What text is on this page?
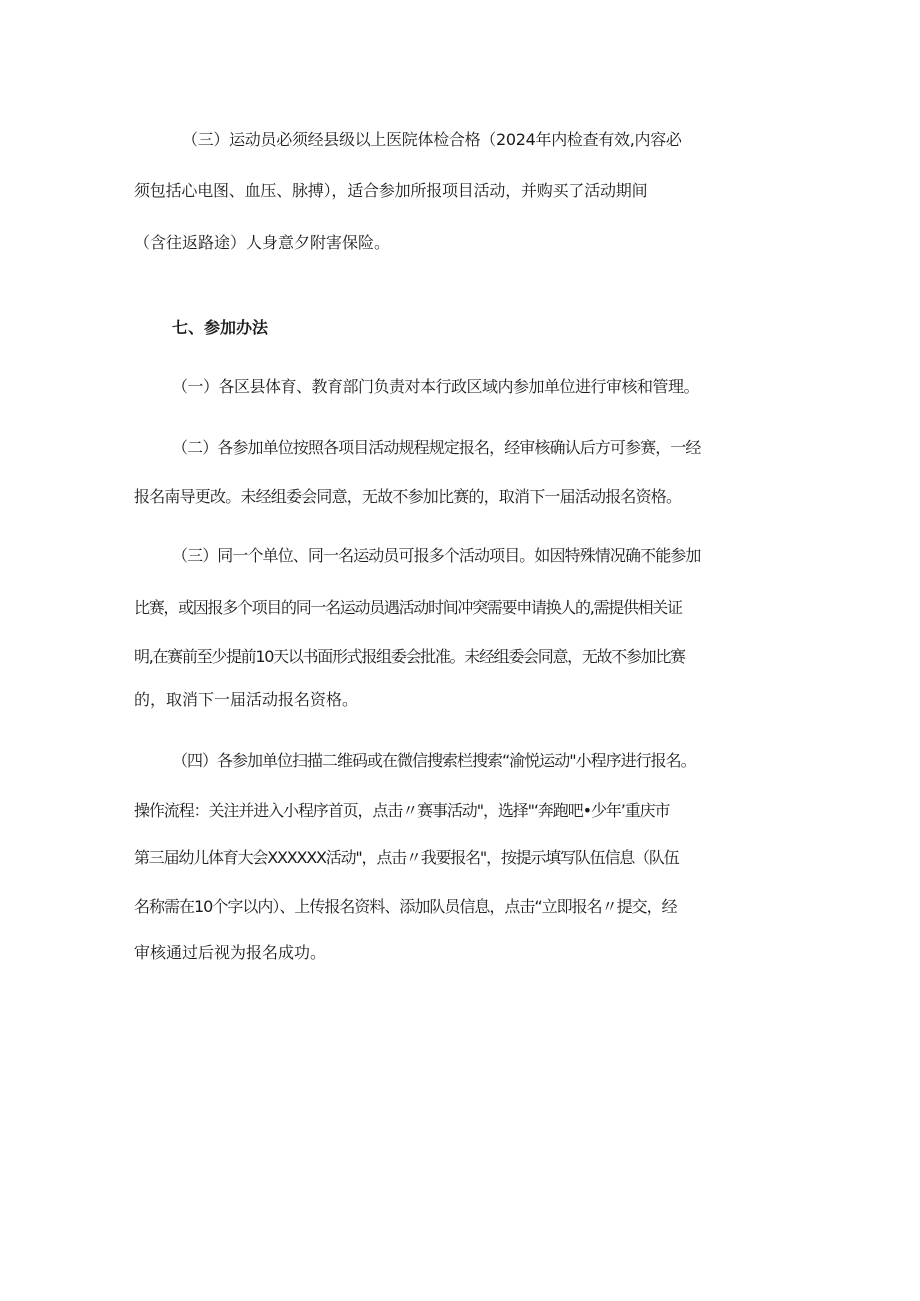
（三）运动员必须经县级以上医院体检合格（2024年内检查有效,内容必
须包括心电图、血压、脉搏），适合参加所报项目活动，并购买了活动期间
（含往返路途）人身意夕附害保险。
七、参加办法
（一）各区县体育、教育部门负责对本行政区域内参加单位进行审核和管理。
（二）各参加单位按照各项目活动规程规定报名，经审核确认后方可参赛，一经
报名南导更改。未经组委会同意，无故不参加比赛的，取消下一届活动报名资格。
（三）同一个单位、同一名运动员可报多个活动项目。如因特殊情况确不能参加
比赛，或因报多个项目的同一名运动员遇活动时间冲突需要申请换人的,需提供相关证
明,在赛前至少提前10天以书面形式报组委会批准。未经组委会同意，无故不参加比赛
的，取消下一届活动报名资格。
（四）各参加单位扫描二维码或在微信搜索栏搜索“渝悦运动"小程序进行报名。
操作流程：关注并进入小程序首页，点击〃赛事活动"，选择"‘奔跑吧•少年’重庆市
第三届幼儿体育大会XXXXXX活动"，点击〃我要报名"，按提示填写队伍信息（队伍
名称需在10个字以内）、上传报名资料、添加队员信息，点击“立即报名〃提交，经
审核通过后视为报名成功。
